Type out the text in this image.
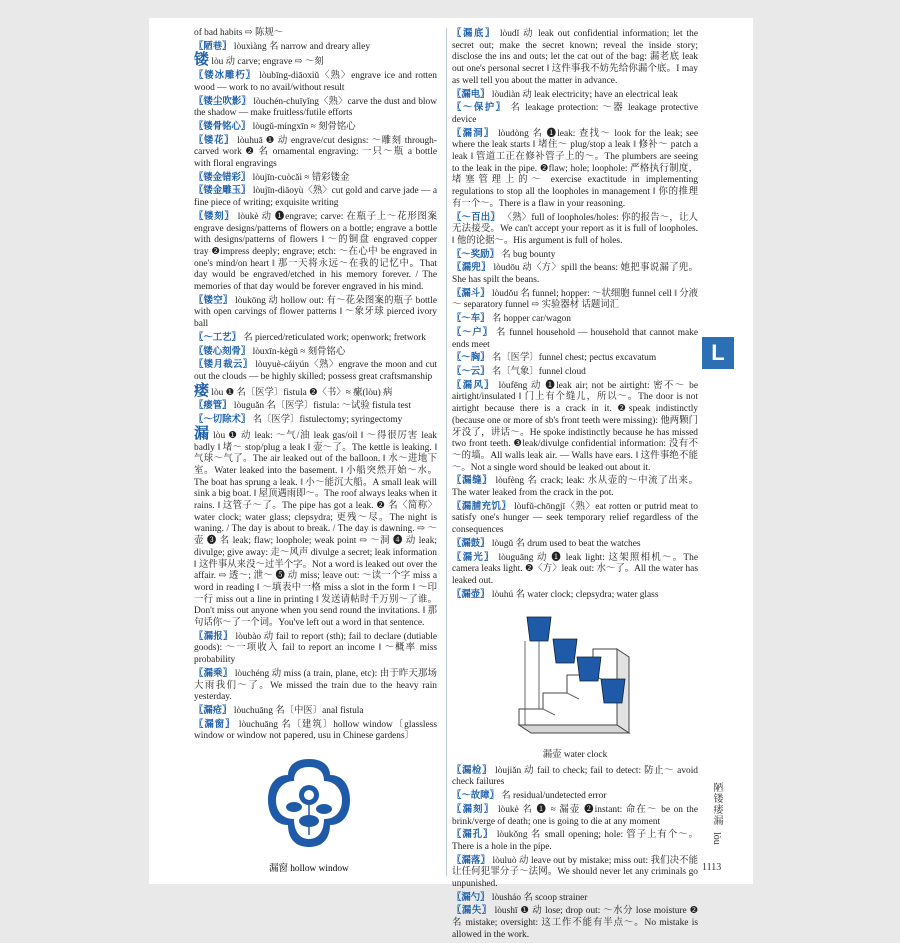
of bad habits ⇨ 陈规～
〖陋巷〗 lòuxiàng 名 narrow and dreary alley
镂 lòu 动 carve; engrave ⇨ ～刻
〖镂冰雕朽〗 lòubīng-diāoxiǔ〈熟〉engrave ice and rotten wood — work to no avail/without result
〖镂尘吹影〗 lòuchén-chuīyǐng〈熟〉carve the dust and blow the shadow — make fruitless/futile efforts
〖镂骨铭心〗 lòugǔ-míngxīn ≈ 刻骨铭心
〖镂花〗 lòuhuā ❶ 动 engrave/cut designs: ～雕刻 through-carved work ❷ 名 ornamental engraving: 一只～瓶 a bottle with floral engravings
〖镂金错彩〗 lòujīn-cuòcǎi ≈ 错彩镂金
〖镂金雕玉〗 lòujīn-diāoyù〈熟〉cut gold and carve jade — a fine piece of writing; exquisite writing
〖镂刻〗 lòukè 动 ❶engrave; carve: 在瓶子上～花形图案 engrave designs/patterns of flowers on a bottle; engrave a bottle with designs/patterns of flowers ‖ ～的铜盘 engraved copper tray ❷impress deeply; engrave; etch: ～在心中 be engraved in one's mind/on heart ‖ 那一天将永远～在我的记忆中。That day would be engraved/etched in his memory forever. / The memories of that day would be forever engraved in his mind.
〖镂空〗 lòukōng 动 hollow out: 有～花朵图案的瓶子 bottle with open carvings of flower patterns ‖ ～象牙球 pierced ivory ball
〖～工艺〗 名 pierced/reticulated work; openwork; fretwork
〖镂心刻骨〗 lòuxīn-kègǔ ≈ 刻骨铭心
〖镂月裁云〗 lòuyuè-cáiyún〈熟〉engrave the moon and cut out the clouds — be highly skilled; possess great craftsmanship
瘘 lòu ❶ 名〔医学〕fistula ❷〈书〉≈ 瘰(lòu) 病
〖瘘管〗 lòuguǎn 名〔医学〕fistula: ～试验 fistula test
〖～切除术〗 名〔医学〕fistulectomy; syringectomy
漏 lòu ❶ 动 leak: ～气/油 leak gas/oil ‖ ～得很厉害 leak badly ‖ 堵～ stop/plug a leak ‖ 壶～了。The kettle is leaking. ‖ 气球～气了。The air leaked out of the balloon. ‖ 水～进地下室。Water leaked into the basement. ‖ 小船突然开始～水。The boat has sprung a leak. ‖ 小～能沉大船。A small leak will sink a big boat. ‖ 屋顶遇雨即～。The roof always leaks when it rains. ‖ 这管子～了。The pipe has got a leak. ❷ 名〈简称〉water clock; water glass; clepsydra; 更残～尽。The night is waning. / The day is about to break. / The day is dawning. ⇨ ～壶 ❸ 名 leak; flaw; loophole; weak point ⇨ ～洞 ❹ 动 leak; divulge; give away: 走～风声 divulge a secret; leak information ‖ 这件事从来没～过半个字。Not a word is leaked out over the affair. ⇨ 透～; 泄～ ❺ 动 miss; leave out: ～读一个字 miss a word in reading ‖ ～填表中一格 miss a slot in the form ‖ ～印一行 miss out a line in printing ‖ 发送请帖时千万别～了谁。Don't miss out anyone when you send round the invitations. ‖ 那句话你～了一个词。You've left out a word in that sentence.
〖漏报〗 lòubào 动 fail to report (sth); fail to declare (dutiable goods): ～一项收入 fail to report an income ‖ ～概率 miss probability
〖漏乘〗 lòuchéng 动 miss (a train, plane, etc): 由于昨天那场大雨我们～了。We missed the train due to the heavy rain yesterday.
〖漏疮〗 lòuchuāng 名〔中医〕anal fistula
〖漏窗〗 lòuchuāng 名〔建筑〕hollow window〔glassless window or window not papered, usu in Chinese gardens〕
〖漏底〗 lòudǐ 动 leak out confidential information; let the secret out; make the secret known; reveal the inside story; disclose the ins and outs; let the cat out of the bag: 漏老底 leak out one's personal secret ‖ 这件事我不妨先给你漏个底。I may as well tell you about the matter in advance.
〖漏电〗 lòudiàn 动 leak electricity; have an electrical leak
〖～保护〗 名 leakage protection: ～器 leakage protective device
〖漏洞〗 lòudòng 名 ❶leak: 查找～ look for the leak; see where the leak starts ‖ 堵住～ plug/stop a leak ‖ 修补～ patch a leak ‖ 管道工正在修补管子上的～。The plumbers are seeing to the leak in the pipe. ❷flaw; hole; loophole: 严格执行制度，堵塞管理上的～ exercise exactitude in implementing regulations to stop all the loopholes in management ‖ 你的推理有一个～。There is a flaw in your reasoning.
〖～百出〗 〈熟〉full of loopholes/holes: 你的报告～，让人无法接受。We can't accept your report as it is full of loopholes. ‖ 他的论据～。His argument is full of holes.
〖～奖励〗 名 bug bounty
〖漏兜〗 lòudōu 动〈方〉spill the beans: 她把事说漏了兜。She has spilt the beans.
〖漏斗〗 lòudǒu 名 funnel; hopper: ～状细胞 funnel cell ‖ 分液～ separatory funnel ⇨ 实验器材 话题词汇
〖～车〗 名 hopper car/wagon
〖～户〗 名 funnel household — household that cannot make ends meet
〖～胸〗 名〔医学〕funnel chest; pectus excavatum
〖～云〗 名〔气象〕funnel cloud
〖漏风〗 lòufēng 动 ❶leak air; not be airtight: 密不～ be airtight/insulated ‖ 门上有个缝儿，所以～。The door is not airtight because there is a crack in it. ❷speak indistinctly (because one or more of sb's front teeth were missing): 他两颗门牙没了，讲话～。He spoke indistinctly because he has missed two front teeth. ❸leak/divulge confidential information: 没有不～的墙。All walls leak air. — Walls have ears. ‖ 这件事绝不能～。Not a single word should be leaked out about it.
〖漏缝〗 lòufèng 名 crack; leak: 水从壶的～中流了出来。The water leaked from the crack in the pot.
〖漏脯充饥〗 lòufǔ-chōngjī〈熟〉eat rotten or putrid meat to satisfy one's hunger — seek temporary relief regardless of the consequences
〖漏鼓〗 lòugǔ 名 drum used to beat the watches
〖漏光〗 lòuguāng 动 ❶ leak light: 这架照相机～。The camera leaks light. ❷〈方〉leak out: 水～了。All the water has leaked out.
〖漏壶〗 lòuhú 名 water clock; clepsydra; water glass
漏壶 water clock
〖漏检〗 lòujiǎn 动 fail to check; fail to detect: 防止～ avoid check failures
〖～故障〗 名 residual/undetected error
〖漏刻〗 lòukè 名 ❶ ≈ 漏壶 ❷instant: 命在～ be on the brink/verge of death; one is going to die at any moment
〖漏孔〗 lòukǒng 名 small opening; hole: 管子上有个～。There is a hole in the pipe.
〖漏落〗 lòuluò 动 leave out by mistake; miss out: 我们决不能让任何犯罪分子～法网。We should never let any criminals go unpunished.
〖漏勺〗 lòusháo 名 scoop strainer
〖漏失〗 lòushī ❶ 动 lose; drop out: ～水分 lose moisture ❷ 名 mistake; oversight: 这工作不能有半点～。No mistake is allowed in the work.
漏窗 hollow window
L
陋镂瘘漏
lòu
1113
